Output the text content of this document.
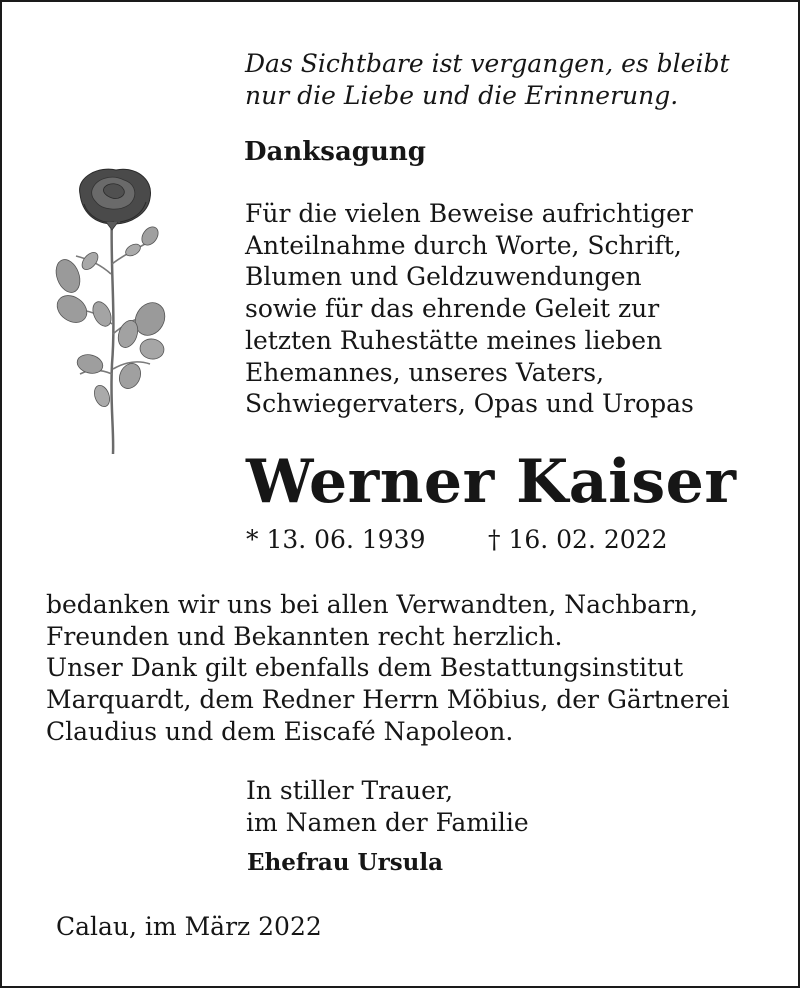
Das Sichtbare ist vergangen, es bleibt
nur die Liebe und die Erinnerung.
Danksagung
Für die vielen Beweise aufrichtiger
Anteilnahme durch Worte, Schrift,
Blumen und Geldzuwendungen
sowie für das ehrende Geleit zur
letzten Ruhestätte meines lieben
Ehemannes, unseres Vaters,
Schwiegervaters, Opas und Uropas
Werner Kaiser
* 13. 06. 1939	† 16. 02. 2022
bedanken wir uns bei allen Verwandten, Nachbarn,
Freunden und Bekannten recht herzlich.
Unser Dank gilt ebenfalls dem Bestattungsinstitut
Marquardt, dem Redner Herrn Möbius, der Gärtnerei
Claudius und dem Eiscafé Napoleon.
In stiller Trauer,
im Namen der Familie
Ehefrau Ursula
Calau, im März 2022
